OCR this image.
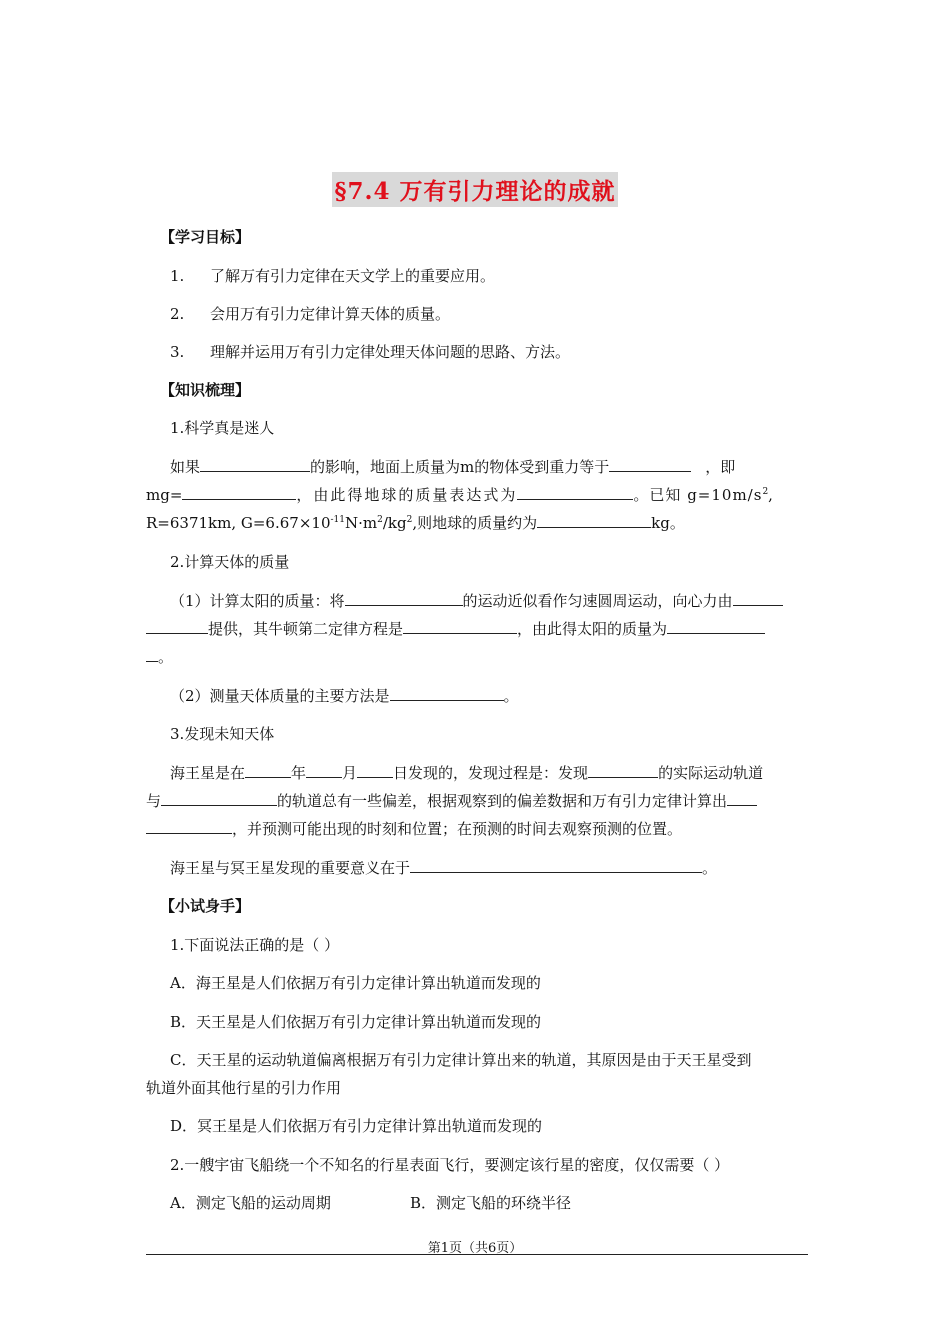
§7.4 万有引力理论的成就
【学习目标】
1. 了解万有引力定律在天文学上的重要应用。
2. 会用万有引力定律计算天体的质量。
3. 理解并运用万有引力定律处理天体问题的思路、方法。
【知识梳理】
1.科学真是迷人
如果	的影响，地面上质量为m的物体受到重力等于	，即
mg=	，由此得地球的质量表达式为	。已知 $g=10m/s^2$,
R=6371km, $G=6.67\times 10^{-11}N\cdot m^2/kg^2$,则地球的质量约为	kg。
2.计算天体的质量
（1）计算太阳的质量：将	的运动近似看作匀速圆周运动，向心力由
提供，其牛顿第二定律方程是	，由此得太阳的质量为
。
（2）测量天体质量的主要方法是	。
3.发现未知天体
海王星是在	年 月 日发现的，发现过程是：发现	的实际运动轨道
与	的轨道总有一些偏差，根据观察到的偏差数据和万有引力定律计算出
，并预测可能出现的时刻和位置；在预测的时间去观察预测的位置。
海王星与冥王星发现的重要意义在于	。
【小试身手】
1.下面说法正确的是（ ）
A．海王星是人们依据万有引力定律计算出轨道而发现的
B．天王星是人们依据万有引力定律计算出轨道而发现的
C．天王星的运动轨道偏离根据万有引力定律计算出来的轨道，其原因是由于天王星受到
轨道外面其他行星的引力作用
D．冥王星是人们依据万有引力定律计算出轨道而发现的
2.一艘宇宙飞船绕一个不知名的行星表面飞行，要测定该行星的密度，仅仅需要（ ）
A．测定飞船的运动周期	B．测定飞船的环绕半径
第1页（共6页）
